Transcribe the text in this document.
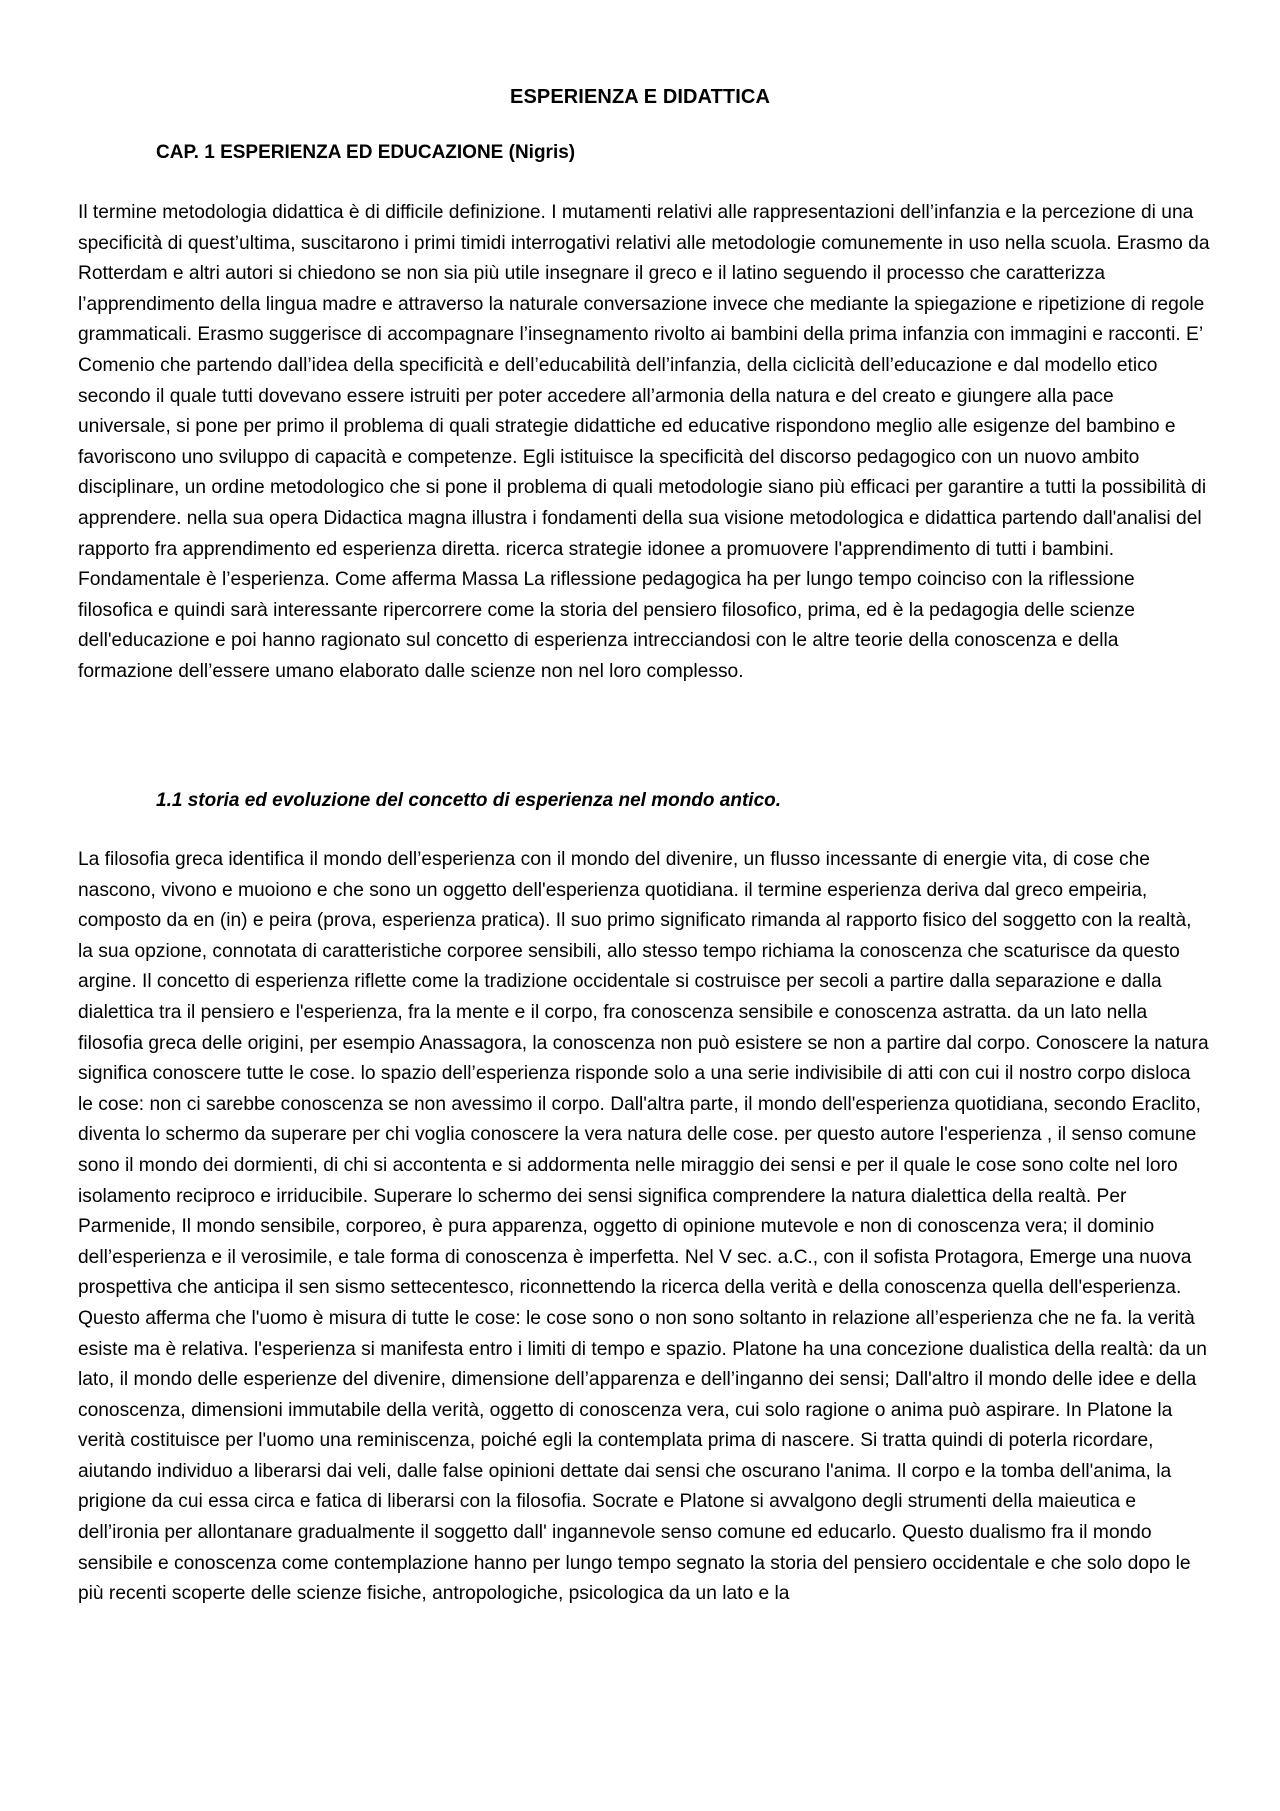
ESPERIENZA E DIDATTICA
CAP. 1 ESPERIENZA ED EDUCAZIONE (Nigris)

Il termine metodologia didattica è di difficile definizione. I mutamenti relativi alle rappresentazioni dell’infanzia e la percezione di una specificità di quest’ultima, suscitarono i primi timidi interrogativi relativi alle metodologie comunemente in uso nella scuola. Erasmo da Rotterdam e altri autori si chiedono se non sia più utile insegnare il greco e il latino seguendo il processo che caratterizza l’apprendimento della lingua madre e attraverso la naturale conversazione invece che mediante la spiegazione e ripetizione di regole grammaticali. Erasmo suggerisce di accompagnare l’insegnamento rivolto ai bambini della prima infanzia con immagini e racconti. E’ Comenio che partendo dall’idea della specificità e dell’educabilità dell’infanzia, della ciclicità dell’educazione e dal modello etico secondo il quale tutti dovevano essere istruiti per poter accedere all’armonia della natura e del creato e giungere alla pace universale, si pone per primo il problema di quali strategie didattiche ed educative rispondono meglio alle esigenze del bambino e favoriscono uno sviluppo di capacità e competenze. Egli istituisce la specificità del discorso pedagogico con un nuovo ambito disciplinare, un ordine metodologico che si pone il problema di quali metodologie siano più efficaci per garantire a tutti la possibilità di apprendere. nella sua opera Didactica magna illustra i fondamenti della sua visione metodologica e didattica partendo dall'analisi del rapporto fra apprendimento ed esperienza diretta. ricerca strategie idonee a promuovere l'apprendimento di tutti i bambini. Fondamentale è l’esperienza. Come afferma Massa La riflessione pedagogica ha per lungo tempo coinciso con la riflessione filosofica e quindi sarà interessante ripercorrere come la storia del pensiero filosofico, prima, ed è la pedagogia delle scienze dell'educazione e poi hanno ragionato sul concetto di esperienza intrecciandosi con le altre teorie della conoscenza e della formazione dell’essere umano elaborato dalle scienze non nel loro complesso.

1.1 storia ed evoluzione del concetto di esperienza nel mondo antico.

La filosofia greca identifica il mondo dell’esperienza con il mondo del divenire, un flusso incessante di energie vita, di cose che nascono, vivono e muoiono e che sono un oggetto dell'esperienza quotidiana. il termine esperienza deriva dal greco empeiria, composto da en (in) e peira (prova, esperienza pratica). Il suo primo significato rimanda al rapporto fisico del soggetto con la realtà, la sua opzione, connotata di caratteristiche corporee sensibili, allo stesso tempo richiama la conoscenza che scaturisce da questo argine. Il concetto di esperienza riflette come la tradizione occidentale si costruisce per secoli a partire dalla separazione e dalla dialettica tra il pensiero e l'esperienza, fra la mente e il corpo, fra conoscenza sensibile e conoscenza astratta. da un lato nella filosofia greca delle origini, per esempio Anassagora, la conoscenza non può esistere se non a partire dal corpo. Conoscere la natura significa conoscere tutte le cose. lo spazio dell’esperienza risponde solo a una serie indivisibile di atti con cui il nostro corpo disloca le cose: non ci sarebbe conoscenza se non avessimo il corpo. Dall'altra parte, il mondo dell'esperienza quotidiana, secondo Eraclito, diventa lo schermo da superare per chi voglia conoscere la vera natura delle cose. per questo autore l'esperienza , il senso comune sono il mondo dei dormienti, di chi si accontenta e si addormenta nelle miraggio dei sensi e per il quale le cose sono colte nel loro isolamento reciproco e irriducibile. Superare lo schermo dei sensi significa comprendere la natura dialettica della realtà. Per Parmenide, Il mondo sensibile, corporeo, è pura apparenza, oggetto di opinione mutevole e non di conoscenza vera; il dominio dell’esperienza e il verosimile, e tale forma di conoscenza è imperfetta. Nel V sec. a.C., con il sofista Protagora, Emerge una nuova prospettiva che anticipa il sen sismo settecentesco, riconnettendo la ricerca della verità e della conoscenza quella dell'esperienza. Questo afferma che l'uomo è misura di tutte le cose: le cose sono o non sono soltanto in relazione all’esperienza che ne fa. la verità esiste ma è relativa. l'esperienza si manifesta entro i limiti di tempo e spazio. Platone ha una concezione dualistica della realtà: da un lato, il mondo delle esperienze del divenire, dimensione dell’apparenza e dell’inganno dei sensi; Dall'altro il mondo delle idee e della conoscenza, dimensioni immutabile della verità, oggetto di conoscenza vera, cui solo ragione o anima può aspirare. In Platone la verità costituisce per l'uomo una reminiscenza, poiché egli la contemplata prima di nascere. Si tratta quindi di poterla ricordare, aiutando individuo a liberarsi dai veli, dalle false opinioni dettate dai sensi che oscurano l'anima. Il corpo e la tomba dell'anima, la prigione da cui essa circa e fatica di liberarsi con la filosofia. Socrate e Platone si avvalgono degli strumenti della maieutica e dell’ironia per allontanare gradualmente il soggetto dall' ingannevole senso comune ed educarlo. Questo dualismo fra il mondo sensibile e conoscenza come contemplazione hanno per lungo tempo segnato la storia del pensiero occidentale e che solo dopo le più recenti scoperte delle scienze fisiche, antropologiche, psicologica da un lato e la
